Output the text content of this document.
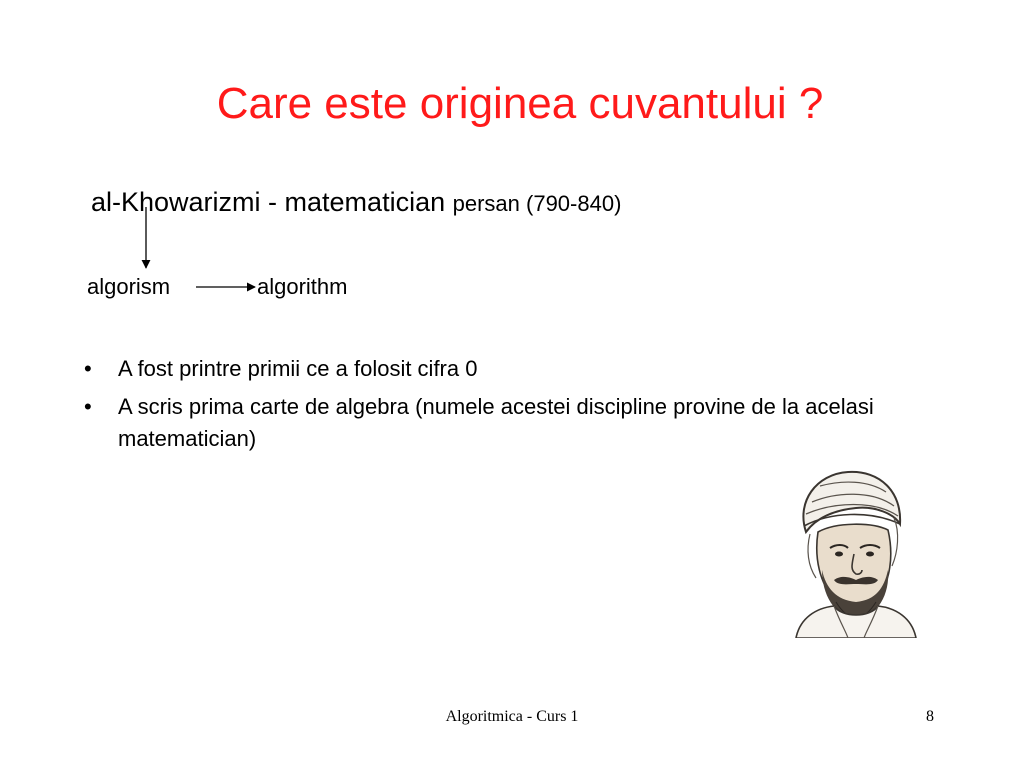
Care este originea cuvantului ?
al-Khowarizmi - matematician persan (790-840)
algorism	algorithm
• A fost printre primii ce a folosit cifra 0
• A scris prima carte de algebra (numele acestei discipline provine de la acelasi matematician)
Algoritmica - Curs 1	8
